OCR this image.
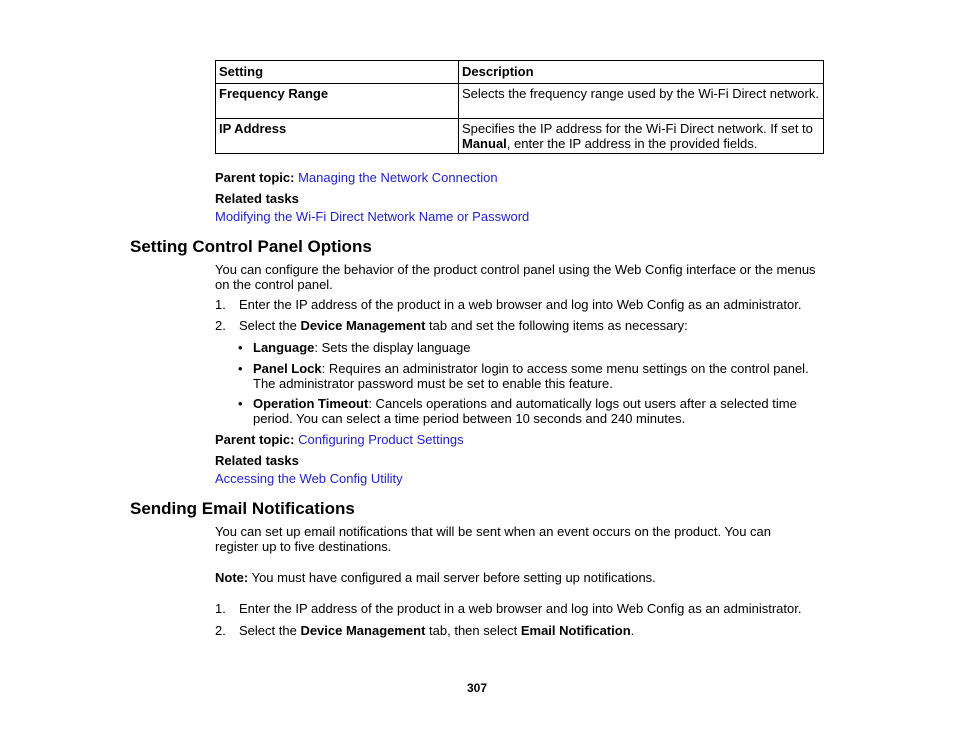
Setting	Description
Frequency Range	Selects the frequency range used by the Wi-Fi Direct network.
IP Address	Specifies the IP address for the Wi-Fi Direct network. If set to Manual, enter the IP address in the provided fields.
Parent topic: Managing the Network Connection
Related tasks
Modifying the Wi-Fi Direct Network Name or Password
Setting Control Panel Options
You can configure the behavior of the product control panel using the Web Config interface or the menus on the control panel.
1. Enter the IP address of the product in a web browser and log into Web Config as an administrator.
2. Select the Device Management tab and set the following items as necessary:
• Language: Sets the display language
• Panel Lock: Requires an administrator login to access some menu settings on the control panel. The administrator password must be set to enable this feature.
• Operation Timeout: Cancels operations and automatically logs out users after a selected time period. You can select a time period between 10 seconds and 240 minutes.
Parent topic: Configuring Product Settings
Related tasks
Accessing the Web Config Utility
Sending Email Notifications
You can set up email notifications that will be sent when an event occurs on the product. You can register up to five destinations.
Note: You must have configured a mail server before setting up notifications.
1. Enter the IP address of the product in a web browser and log into Web Config as an administrator.
2. Select the Device Management tab, then select Email Notification.
307
